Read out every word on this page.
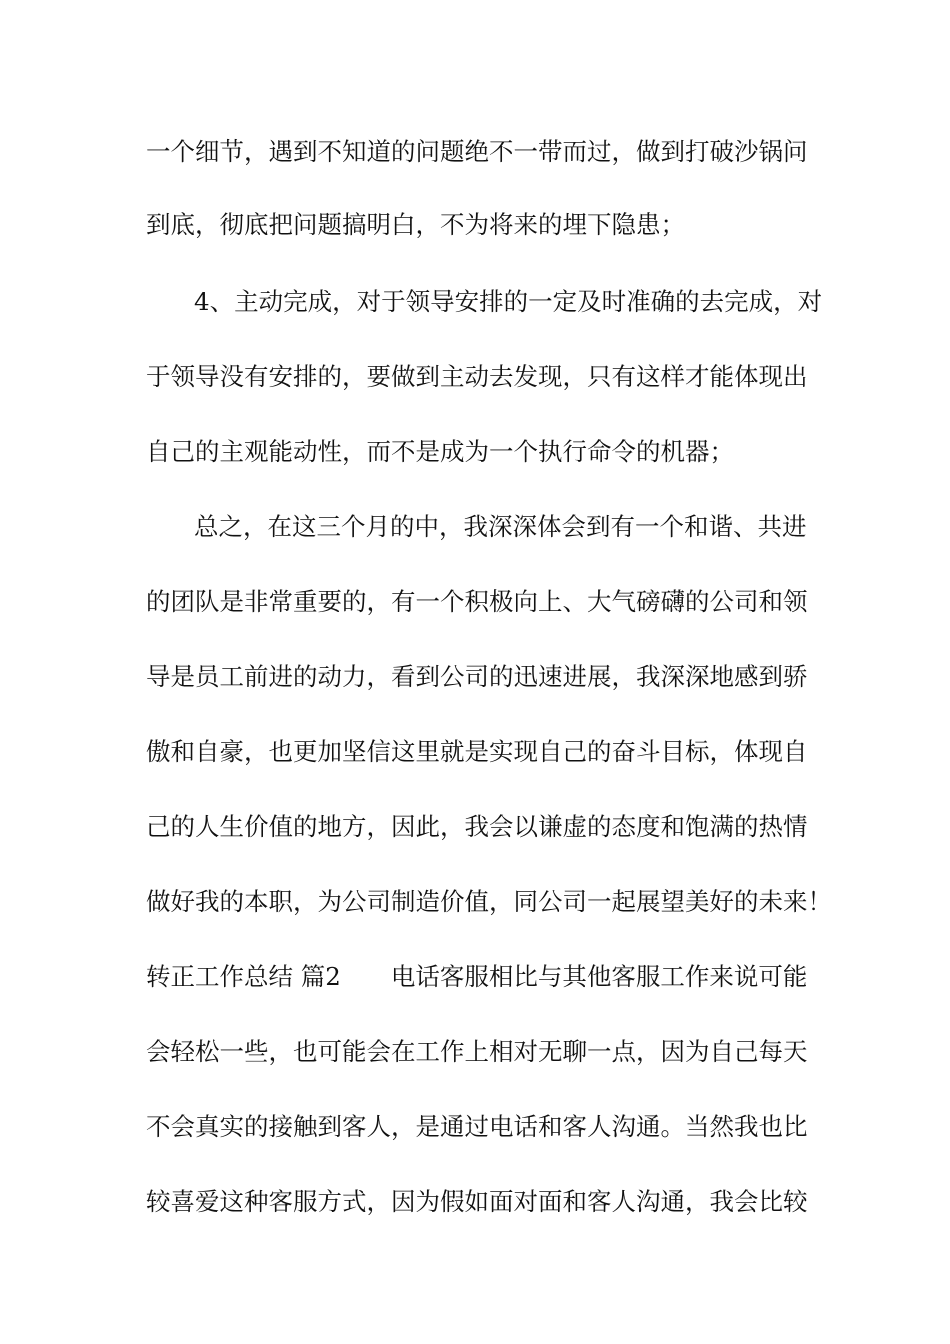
一个细节，遇到不知道的问题绝不一带而过，做到打破沙锅问
到底，彻底把问题搞明白，不为将来的埋下隐患；
4、主动完成，对于领导安排的一定及时准确的去完成，对
于领导没有安排的，要做到主动去发现，只有这样才能体现出
自己的主观能动性，而不是成为一个执行命令的机器；
总之，在这三个月的中，我深深体会到有一个和谐、共进
的团队是非常重要的，有一个积极向上、大气磅礴的公司和领
导是员工前进的动力，看到公司的迅速进展，我深深地感到骄
傲和自豪，也更加坚信这里就是实现自己的奋斗目标，体现自
己的人生价值的地方，因此，我会以谦虚的态度和饱满的热情
做好我的本职，为公司制造价值，同公司一起展望美好的未来！
转正工作总结 篇2 电话客服相比与其他客服工作来说可能
会轻松一些，也可能会在工作上相对无聊一点，因为自己每天
不会真实的接触到客人，是通过电话和客人沟通。当然我也比
较喜爱这种客服方式，因为假如面对面和客人沟通，我会比较
